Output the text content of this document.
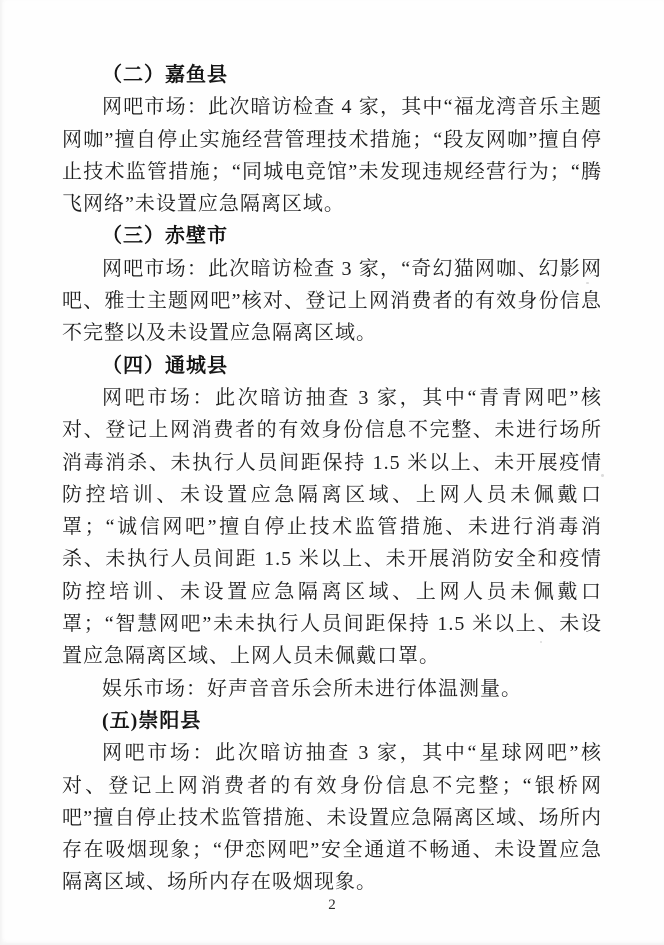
（二）嘉鱼县

网吧市场：此次暗访检查 4 家，其中“福龙湾音乐主题网咖”擅自停止实施经营管理技术措施；“段友网咖”擅自停止技术监管措施；“同城电竞馆”未发现违规经营行为；“腾飞网络”未设置应急隔离区域。

（三）赤壁市

网吧市场：此次暗访检查 3 家，“奇幻猫网咖、幻影网吧、雅士主题网吧”核对、登记上网消费者的有效身份信息不完整以及未设置应急隔离区域。

（四）通城县

网吧市场：此次暗访抽查 3 家，其中“青青网吧”核对、登记上网消费者的有效身份信息不完整、未进行场所消毒消杀、未执行人员间距保持 1.5 米以上、未开展疫情防控培训、未设置应急隔离区域、上网人员未佩戴口罩；“诚信网吧”擅自停止技术监管措施、未进行消毒消杀、未执行人员间距 1.5 米以上、未开展消防安全和疫情防控培训、未设置应急隔离区域、上网人员未佩戴口罩；“智慧网吧”未未执行人员间距保持 1.5 米以上、未设置应急隔离区域、上网人员未佩戴口罩。

娱乐市场：好声音音乐会所未进行体温测量。

(五)崇阳县

网吧市场：此次暗访抽查 3 家，其中“星球网吧”核对、登记上网消费者的有效身份信息不完整；“银桥网吧”擅自停止技术监管措施、未设置应急隔离区域、场所内存在吸烟现象；“伊恋网吧”安全通道不畅通、未设置应急隔离区域、场所内存在吸烟现象。

2
